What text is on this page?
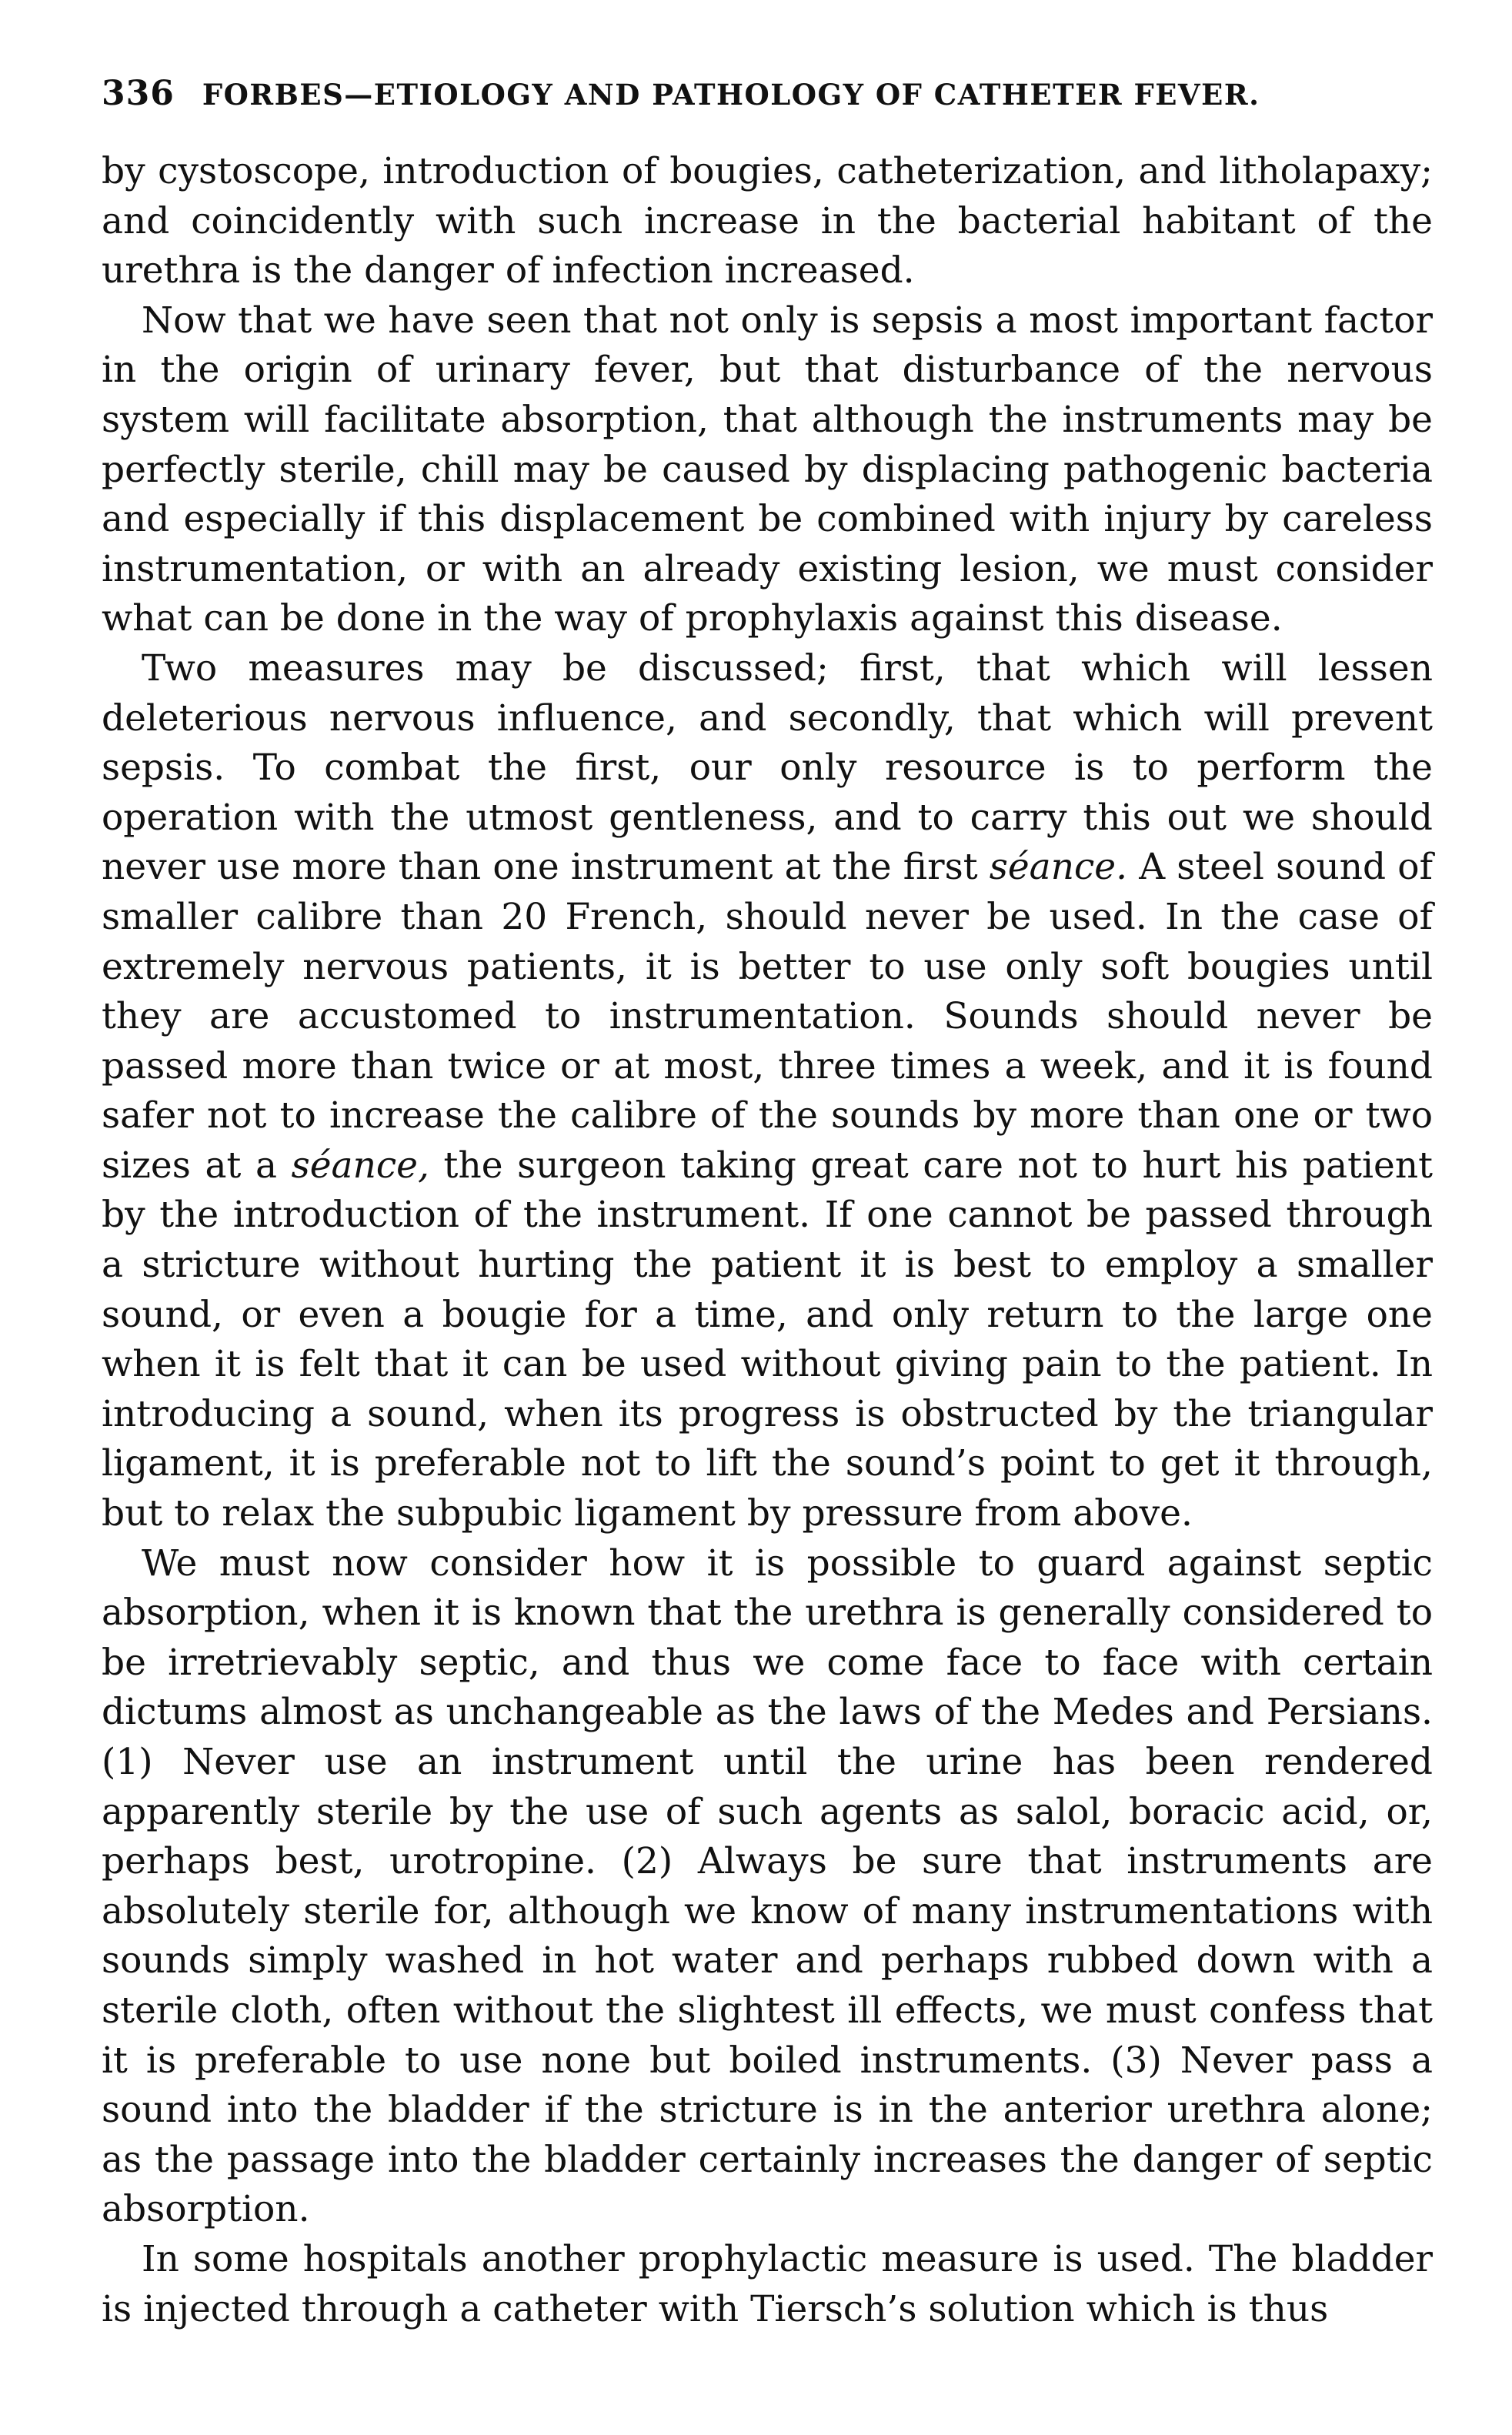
336 FORBES—ETIOLOGY AND PATHOLOGY OF CATHETER FEVER.

by cystoscope, introduction of bougies, catheterization, and litholapaxy; and coincidently with such increase in the bacterial habitant of the urethra is the danger of infection increased.

Now that we have seen that not only is sepsis a most important factor in the origin of urinary fever, but that disturbance of the nervous system will facilitate absorption, that although the instruments may be perfectly sterile, chill may be caused by displacing pathogenic bacteria and especially if this displacement be combined with injury by careless instrumentation, or with an already existing lesion, we must consider what can be done in the way of prophylaxis against this disease.

Two measures may be discussed; first, that which will lessen deleterious nervous influence, and secondly, that which will prevent sepsis. To combat the first, our only resource is to perform the operation with the utmost gentleness, and to carry this out we should never use more than one instrument at the first séance. A steel sound of smaller calibre than 20 French, should never be used. In the case of extremely nervous patients, it is better to use only soft bougies until they are accustomed to instrumentation. Sounds should never be passed more than twice or at most, three times a week, and it is found safer not to increase the calibre of the sounds by more than one or two sizes at a séance, the surgeon taking great care not to hurt his patient by the introduction of the instrument. If one cannot be passed through a stricture without hurting the patient it is best to employ a smaller sound, or even a bougie for a time, and only return to the large one when it is felt that it can be used without giving pain to the patient. In introducing a sound, when its progress is obstructed by the triangular ligament, it is preferable not to lift the sound’s point to get it through, but to relax the subpubic ligament by pressure from above.

We must now consider how it is possible to guard against septic absorption, when it is known that the urethra is generally considered to be irretrievably septic, and thus we come face to face with certain dictums almost as unchangeable as the laws of the Medes and Persians. (1) Never use an instrument until the urine has been rendered apparently sterile by the use of such agents as salol, boracic acid, or, perhaps best, urotropine. (2) Always be sure that instruments are absolutely sterile for, although we know of many instrumentations with sounds simply washed in hot water and perhaps rubbed down with a sterile cloth, often without the slightest ill effects, we must confess that it is preferable to use none but boiled instruments. (3) Never pass a sound into the bladder if the stricture is in the anterior urethra alone; as the passage into the bladder certainly increases the danger of septic absorption.

In some hospitals another prophylactic measure is used. The bladder is injected through a catheter with Tiersch’s solution which is thus
